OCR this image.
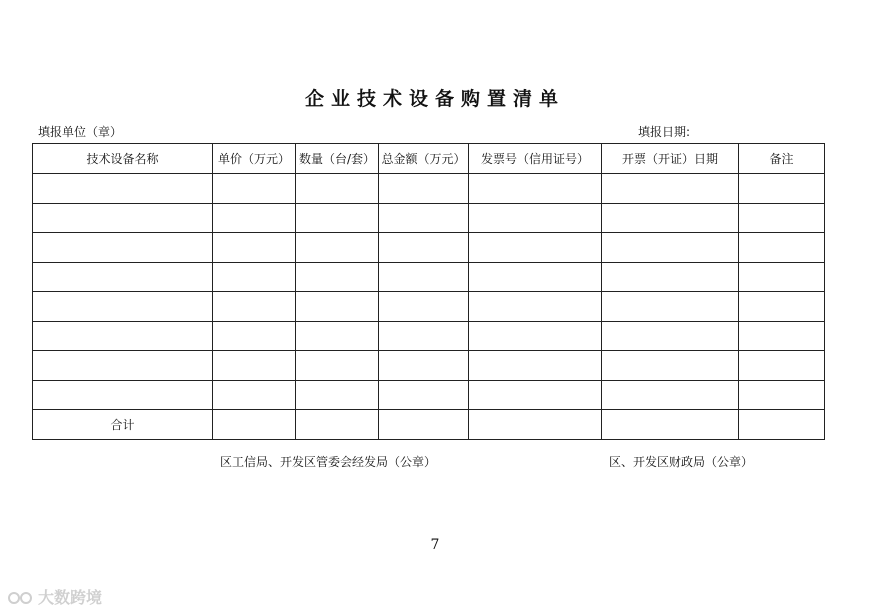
企业技术设备购置清单
填报单位（章）	填报日期:
技术设备名称	单价（万元）	数量（台/套）	总金额（万元）	发票号（信用证号）	开票（开证）日期	备注

合计						
区工信局、开发区管委会经发局（公章）	区、开发区财政局（公章）
7
大数跨境
